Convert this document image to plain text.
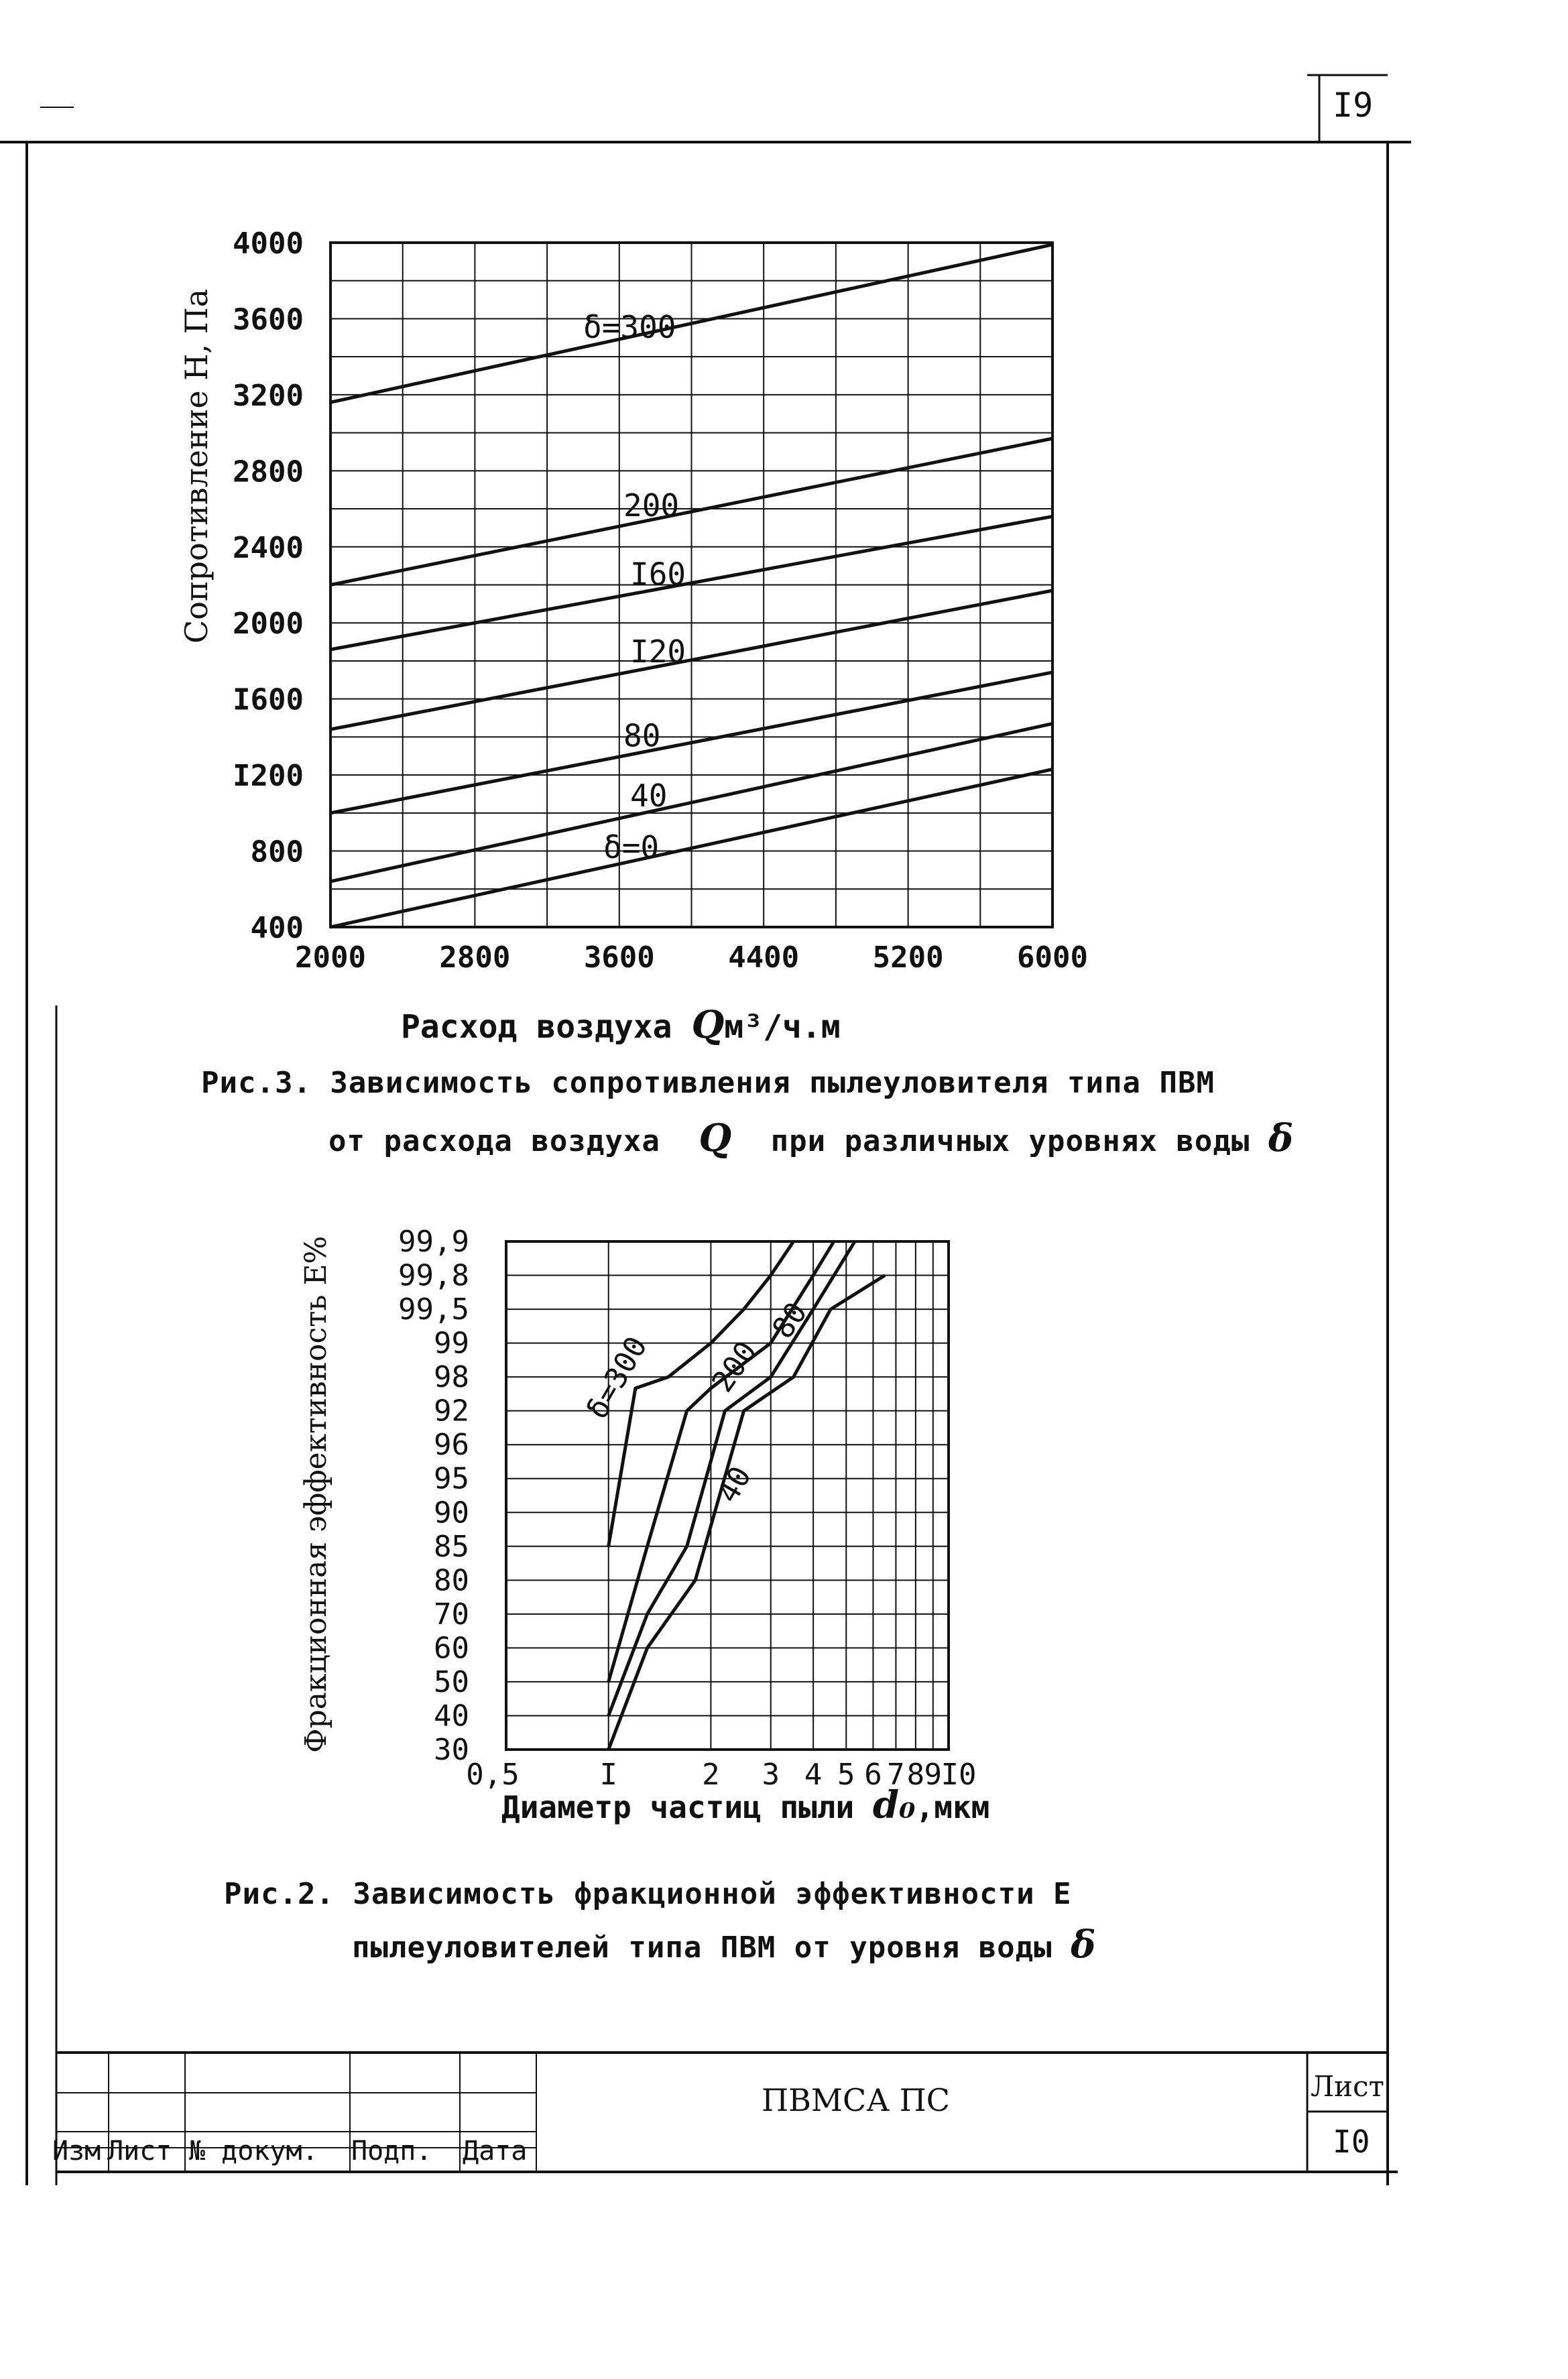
I9
2000 2800 3600 4400 5200 6000
400
800
I200
I600
2000
2400
2800
3200
3600
4000
δ=300
200
I60
I20
80
40
δ=0
Сопротивление Н, Па
Расход воздуха Qм³/ч.м
Рис.3. Зависимость сопротивления пылеуловителя типа ПВМ
от расхода воздуха Q при различных уровнях воды δ
0,5	I	2 3 4 5 6 7 8 9
I0
99,9
99,8
99,5
99
98
92
96
95
90
85
80
70
60
50
40
30
δ=300 200
80
40
Фракционная эффективность Е%
Диаметр частиц пыли d₀,мкм
Рис.2. Зависимость фракционной эффективности Е
пылеуловителей типа ПВМ от уровня воды δ
Изм Лист № докум. Подп. Дата
ПВМСА ПС	Лист
I0
